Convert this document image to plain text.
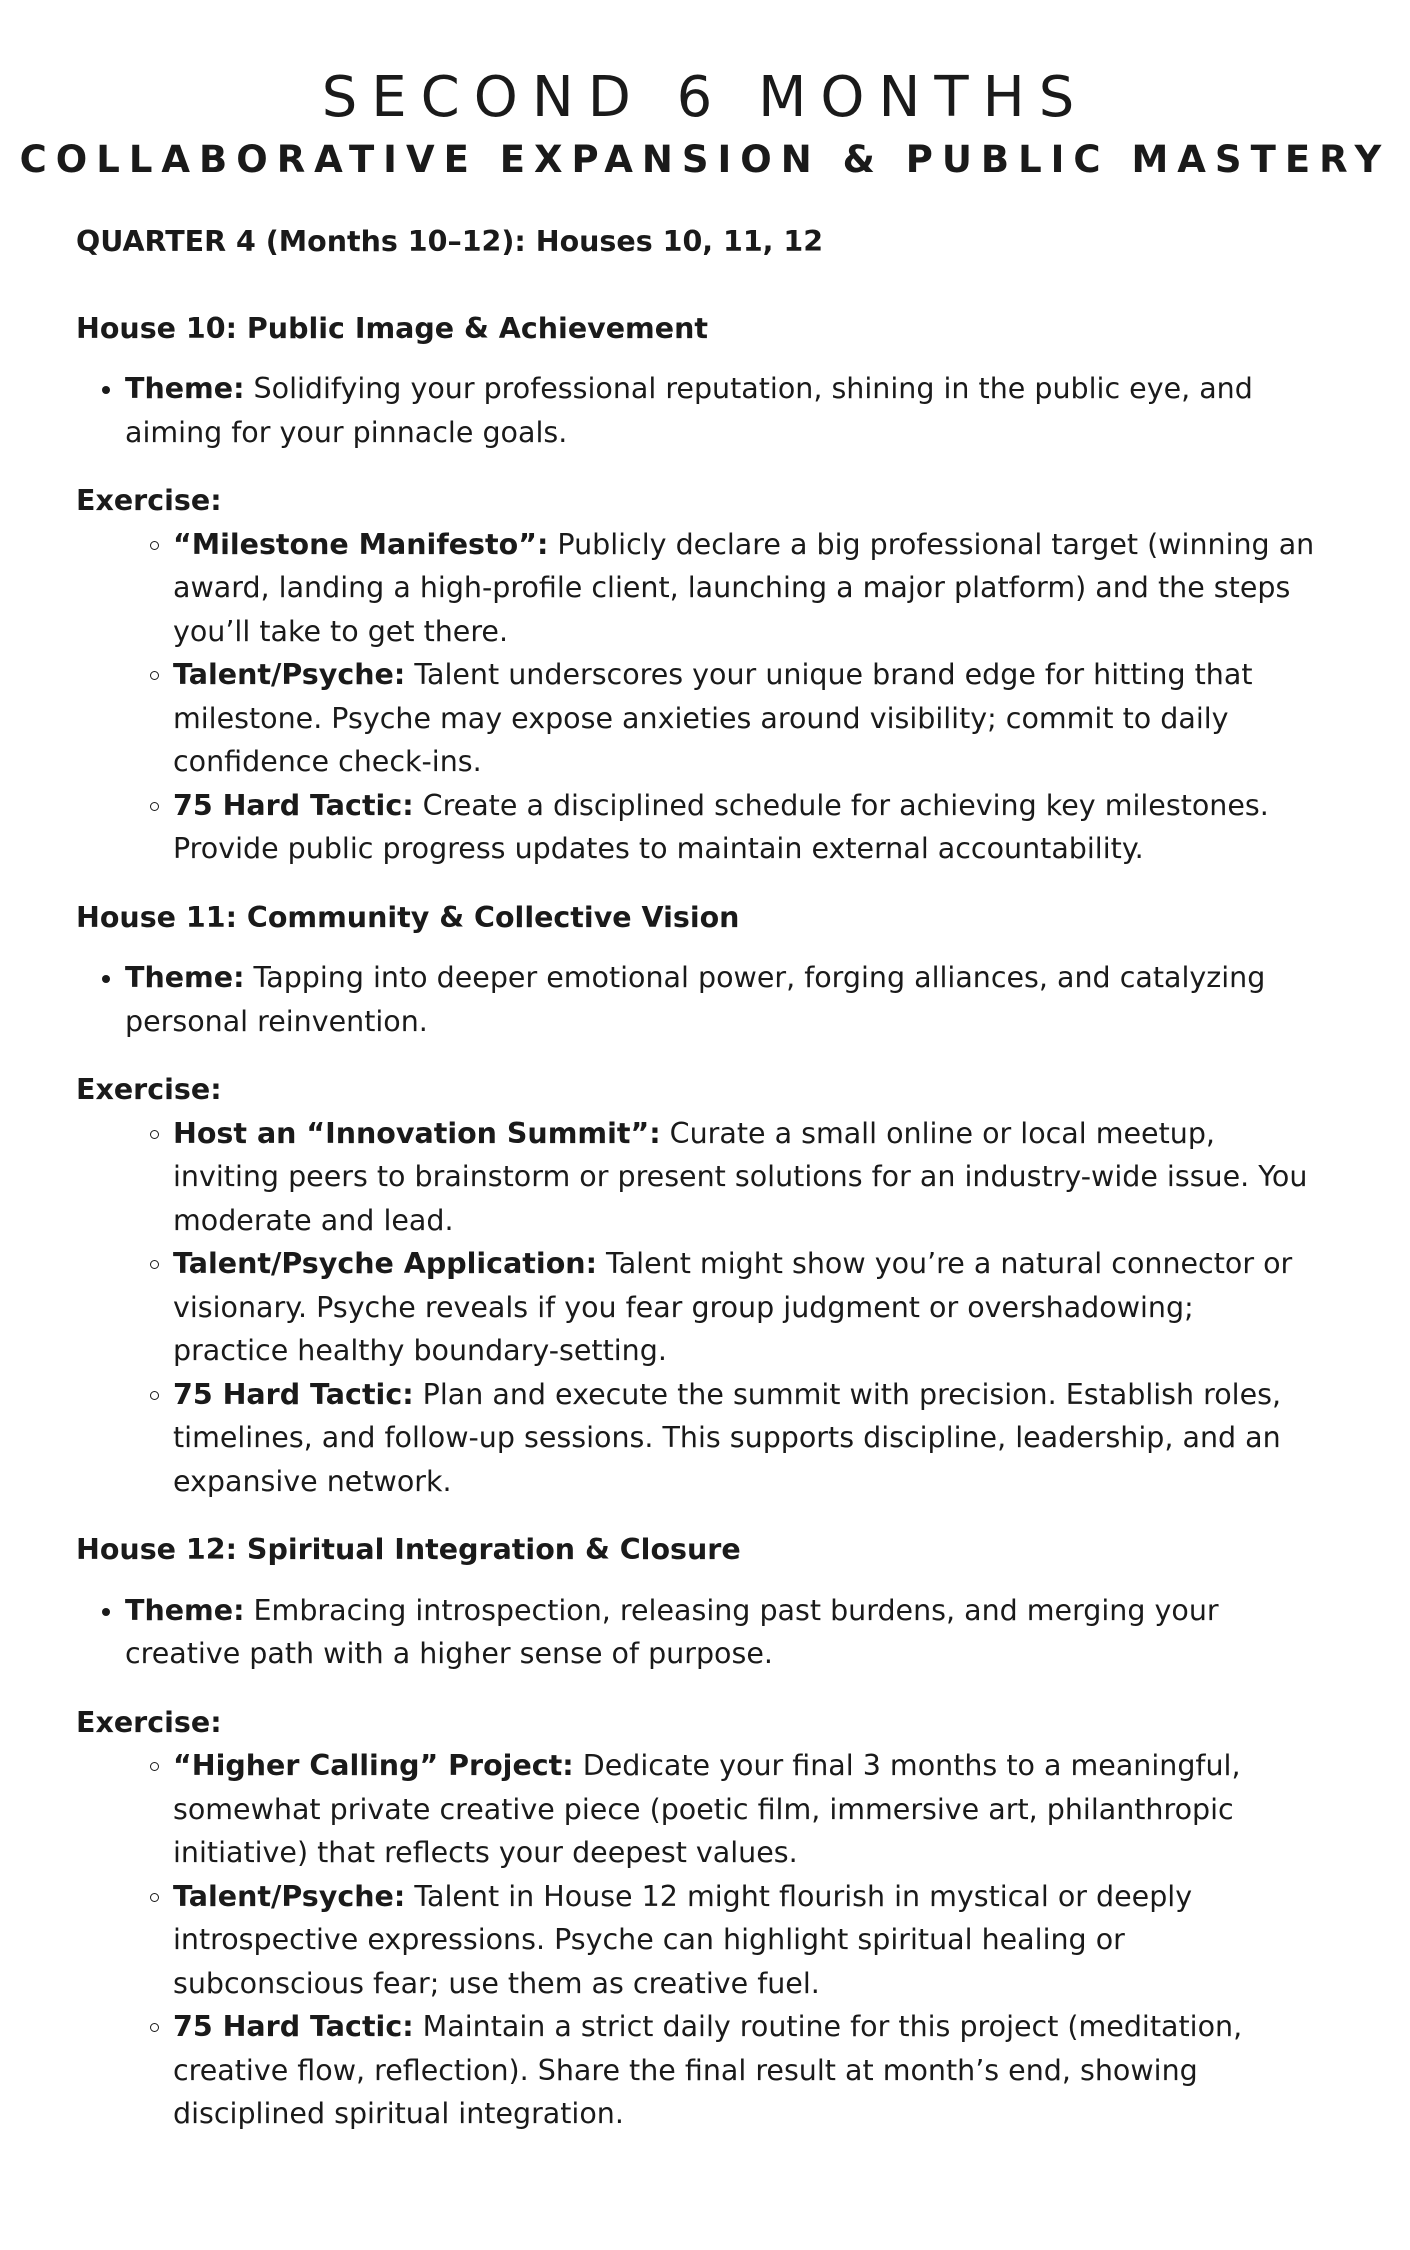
SECOND 6 MONTHS
COLLABORATIVE EXPANSION & PUBLIC MASTERY

QUARTER 4 (Months 10–12): Houses 10, 11, 12

House 10: Public Image & Achievement

Theme: Solidifying your professional reputation, shining in the public eye, and aiming for your pinnacle goals.

Exercise:

“Milestone Manifesto”: Publicly declare a big professional target (winning an award, landing a high-profile client, launching a major platform) and the steps you’ll take to get there.
Talent/Psyche: Talent underscores your unique brand edge for hitting that milestone. Psyche may expose anxieties around visibility; commit to daily confidence check-ins.
75 Hard Tactic: Create a disciplined schedule for achieving key milestones. Provide public progress updates to maintain external accountability.

House 11: Community & Collective Vision

Theme: Tapping into deeper emotional power, forging alliances, and catalyzing personal reinvention.

Exercise:

Host an “Innovation Summit”: Curate a small online or local meetup, inviting peers to brainstorm or present solutions for an industry-wide issue. You moderate and lead.
Talent/Psyche Application: Talent might show you’re a natural connector or visionary. Psyche reveals if you fear group judgment or overshadowing; practice healthy boundary-setting.
75 Hard Tactic: Plan and execute the summit with precision. Establish roles, timelines, and follow-up sessions. This supports discipline, leadership, and an expansive network.

House 12: Spiritual Integration & Closure

Theme: Embracing introspection, releasing past burdens, and merging your creative path with a higher sense of purpose.

Exercise:

“Higher Calling” Project: Dedicate your final 3 months to a meaningful, somewhat private creative piece (poetic film, immersive art, philanthropic initiative) that reflects your deepest values.
Talent/Psyche: Talent in House 12 might flourish in mystical or deeply introspective expressions. Psyche can highlight spiritual healing or subconscious fear; use them as creative fuel.
75 Hard Tactic: Maintain a strict daily routine for this project (meditation, creative flow, reflection). Share the final result at month’s end, showing disciplined spiritual integration.
